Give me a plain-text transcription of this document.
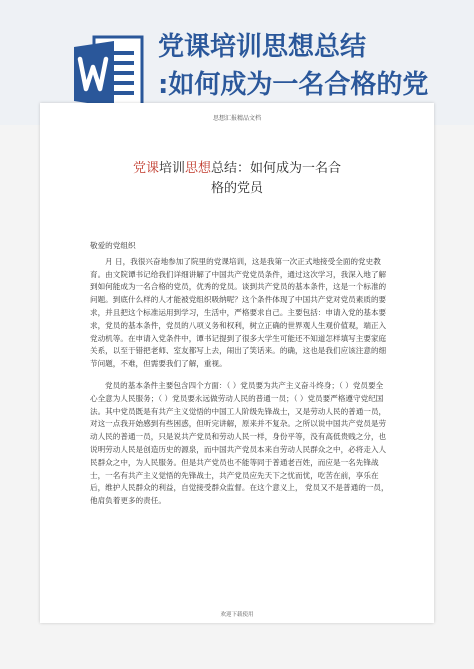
党课培训思想总结
:如何成为一名合格的党
思想汇报精品文档
党课培训思想总结：如何成为一名合
格的党员

敬爱的党组织

月 日，我很兴奋地参加了院里的党课培训，这是我第一次正式地接受全面的党史教育。由文院谭书记给我们详细讲解了中国共产党党员条件，通过这次学习，我深入地了解到如何能成为一名合格的党员，优秀的党员。谈到共产党员的基本条件，这是一个标准的问题。到底什么样的人才能被党组织吸纳呢？这个条件体现了中国共产党对党员素质的要求，并且把这个标准运用到学习，生活中，严格要求自己。主要包括：申请入党的基本要求，党员的基本条件，党员的八项义务和权利，树立正确的世界观人生观价值观，端正入党动机等。在申请入党条件中，谭书记提到了很多大学生可能还不知道怎样填写主要家庭关系，以至于错把老师、室友都写上去，闹出了笑话来。的确，这也是我们应该注意的细节问题，不难，但需要我们了解，重视。

党员的基本条件主要包含四个方面：（ ）党员要为共产主义奋斗终身；（ ）党员要全心全意为人民服务；（ ）党员要永远做劳动人民的普通一员；（ ）党员要严格遵守党纪国法。其中党员既是有共产主义觉悟的中国工人阶级先锋战士，又是劳动人民的普通一员，对这一点我开始感到有些困惑，但听完讲解，原来并不复杂。之所以说中国共产党员是劳动人民的普通一员，只是说共产党员和劳动人民一样，身份平等，没有高低贵贱之分，也说明劳动人民是创造历史的源泉，而中国共产党员本来自劳动人民群众之中，必将走入人民群众之中，为人民服务。但是共产党员也不能等同于普通老百姓，而应是一名先锋战士，一名有共产主义觉悟的先锋战士，共产党员应先天下之忧而忧，吃苦在前，享乐在后，维护人民群众的利益，自觉接受群众监督。在这个意义上， 党员又不是普通的一员， 他肩负着更多的责任。

欢迎下载使用
